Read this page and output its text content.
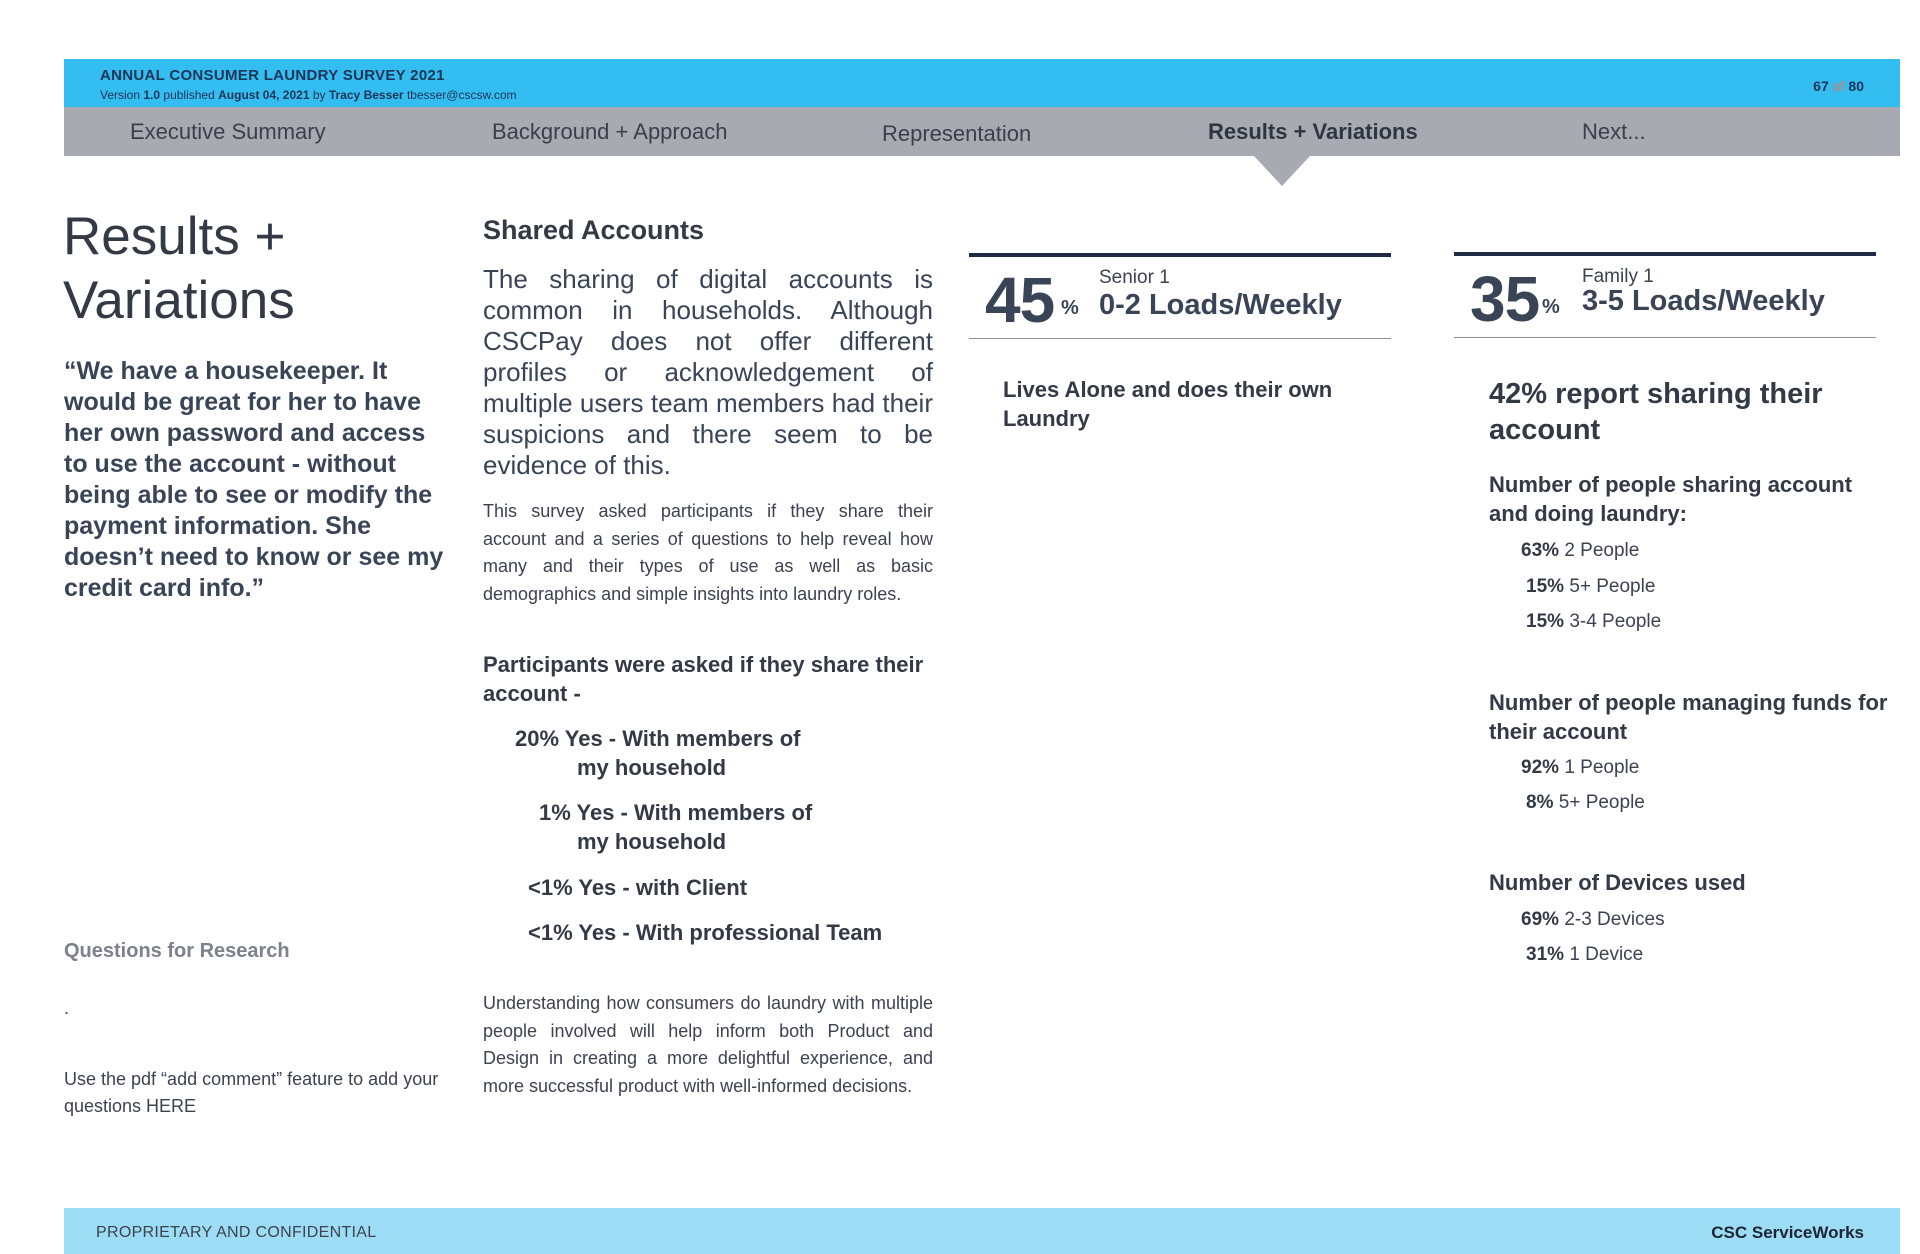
ANNUAL CONSUMER LAUNDRY SURVEY 2021
Version 1.0 published August 04, 2021 by Tracy Besser tbesser@cscsw.com
67 of 80
Executive Summary	Background + Approach	Representation	Results + Variations	Next...
Results +
Variations
“We have a housekeeper. It would be great for her to have her own password and access to use the account - without being able to see or modify the payment information. She doesn’t need to know or see my credit card info.”
Questions for Research
.
Use the pdf “add comment” feature to add your questions HERE
Shared Accounts
The sharing of digital accounts is common in households. Although CSCPay does not offer different profiles or acknowledgement of multiple users team members had their suspicions and there seem to be evidence of this.
This survey asked participants if they share their account and a series of questions to help reveal how many and their types of use as well as basic demographics and simple insights into laundry roles.
Participants were asked if they share their account -
20% Yes - With members of
my household
1% Yes - With members of
my household
<1% Yes - with Client
<1% Yes - With professional Team
Understanding how consumers do laundry with multiple people involved will help inform both Product and Design in creating a more delightful experience, and more successful product with well-informed decisions.
45 %
Senior 1
0-2 Loads/Weekly
Lives Alone and does their own Laundry
35 %
Family 1
3-5 Loads/Weekly
42% report sharing their account
Number of people sharing account and doing laundry:
63% 2 People
15% 5+ People
15% 3-4 People
Number of people managing funds for their account
92% 1 People
8% 5+ People
Number of Devices used
69% 2-3 Devices
31% 1 Device
PROPRIETARY AND CONFIDENTIAL	CSC ServiceWorks
